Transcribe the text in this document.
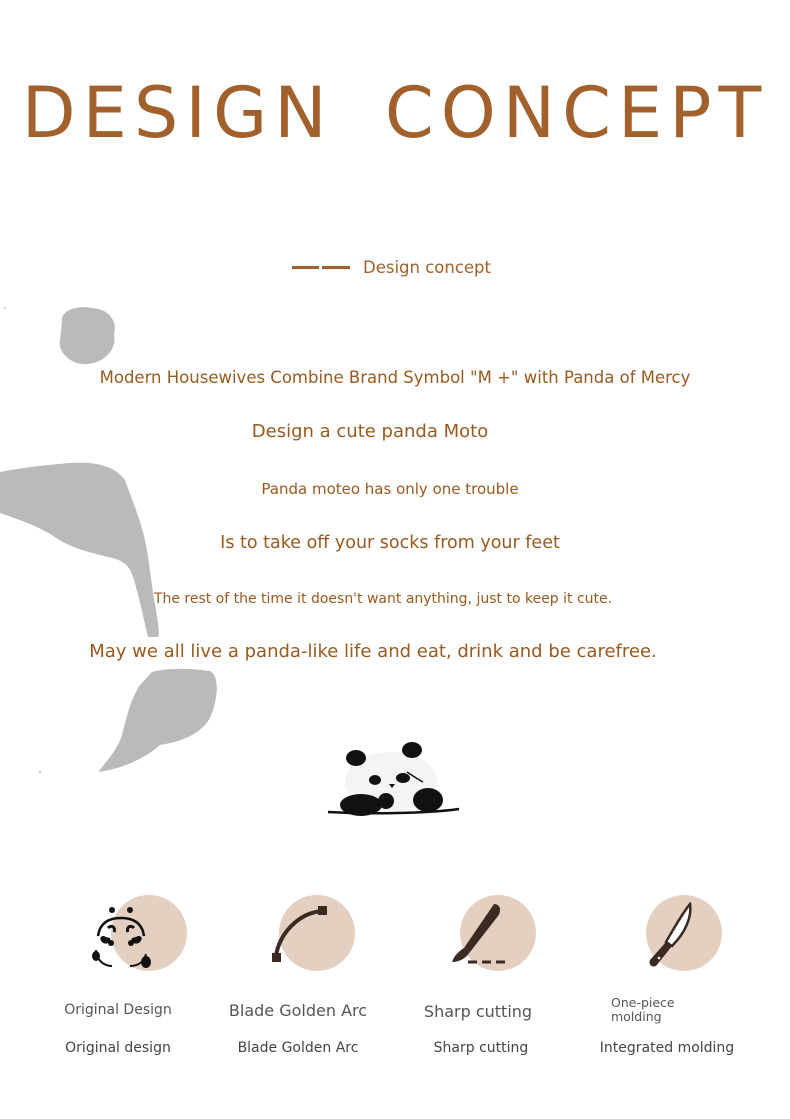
DESIGN CONCEPT
Design concept
Modern Housewives Combine Brand Symbol "M +" with Panda of Mercy
Design a cute panda Moto
Panda moteo has only one trouble
Is to take off your socks from your feet
The rest of the time it doesn't want anything, just to keep it cute.
May we all live a panda-like life and eat, drink and be carefree.
Original Design
Original design
Blade Golden Arc
Blade Golden Arc
Sharp cutting
Sharp cutting
One-piece molding
Integrated molding
